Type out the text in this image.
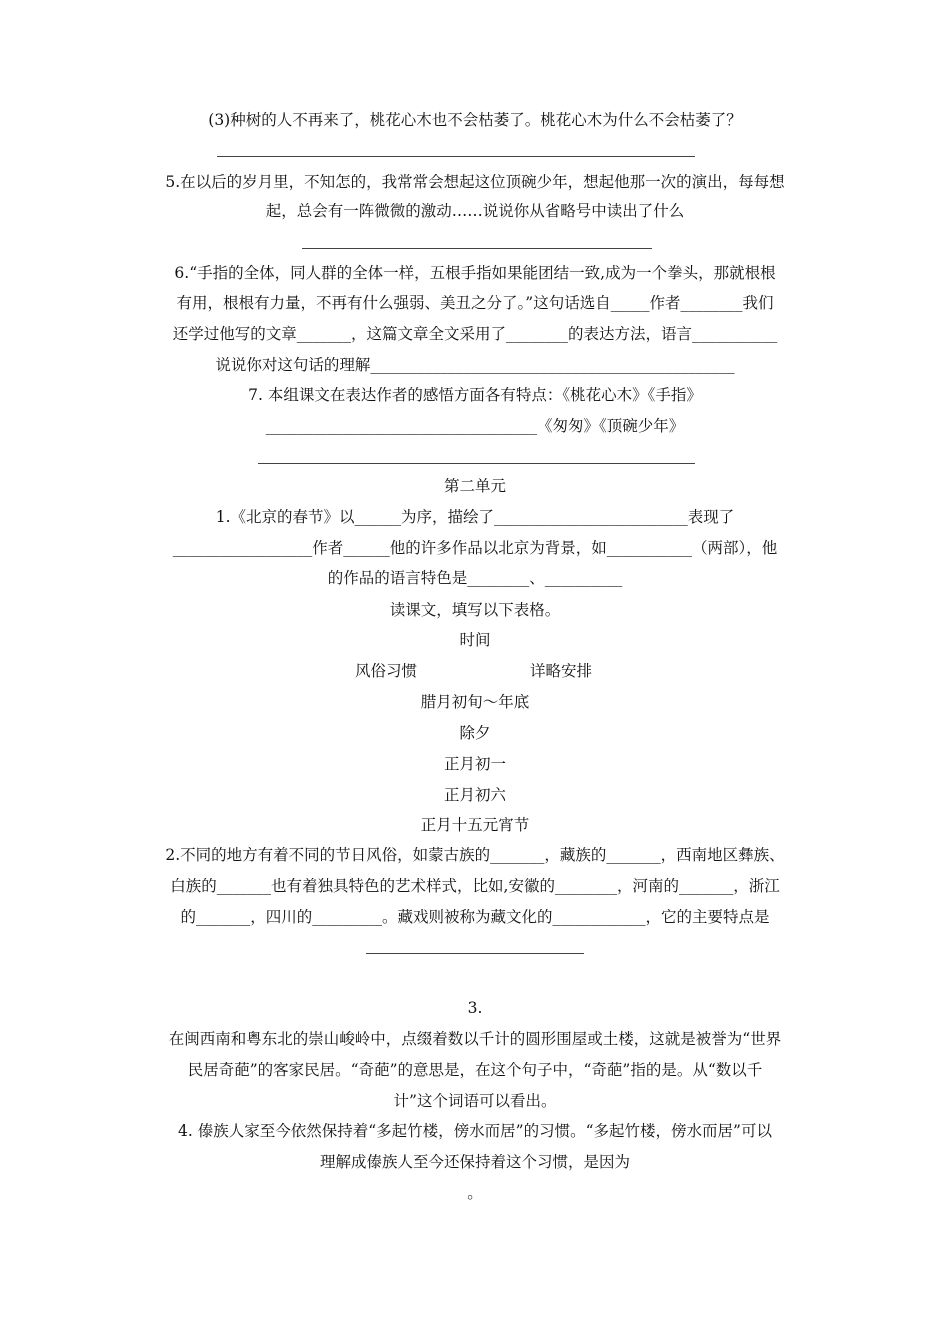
(3)种树的人不再来了，桃花心木也不会枯萎了。桃花心木为什么不会枯萎了？
5.在以后的岁月里，不知怎的，我常常会想起这位顶碗少年，想起他那一次的演出，每每想
起，总会有一阵微微的激动……说说你从省略号中读出了什么
6.“手指的全体，同人群的全体一样，五根手指如果能团结一致,成为一个拳头，那就根根
有用，根根有力量，不再有什么强弱、美丑之分了。”这句话选自_____作者________我们
还学过他写的文章_______，这篇文章全文采用了________的表达方法，语言___________
说说你对这句话的理解_______________________________________________
7. 本组课文在表达作者的感悟方面各有特点：《桃花心木》《手指》
___________________________________《匆匆》《顶碗少年》
第二单元
1.《北京的春节》以______为序，描绘了_________________________表现了
__________________作者______他的许多作品以北京为背景，如___________（两部），他
的作品的语言特色是________、__________
读课文，填写以下表格。
时间
风俗习惯	详略安排
腊月初旬～年底
除夕
正月初一
正月初六
正月十五元宵节
2.不同的地方有着不同的节日风俗，如蒙古族的_______，藏族的_______，西南地区彝族、
白族的_______也有着独具特色的艺术样式，比如,安徽的________，河南的_______，浙江
的_______，四川的_________。藏戏则被称为藏文化的____________，它的主要特点是
3.
在闽西南和粤东北的崇山峻岭中，点缀着数以千计的圆形围屋或土楼，这就是被誉为“世界
民居奇葩”的客家民居。“奇葩”的意思是，在这个句子中，“奇葩”指的是。从“数以千
计”这个词语可以看出。
4. 傣族人家至今依然保持着“多起竹楼，傍水而居”的习惯。“多起竹楼，傍水而居”可以
理解成傣族人至今还保持着这个习惯，是因为
。
